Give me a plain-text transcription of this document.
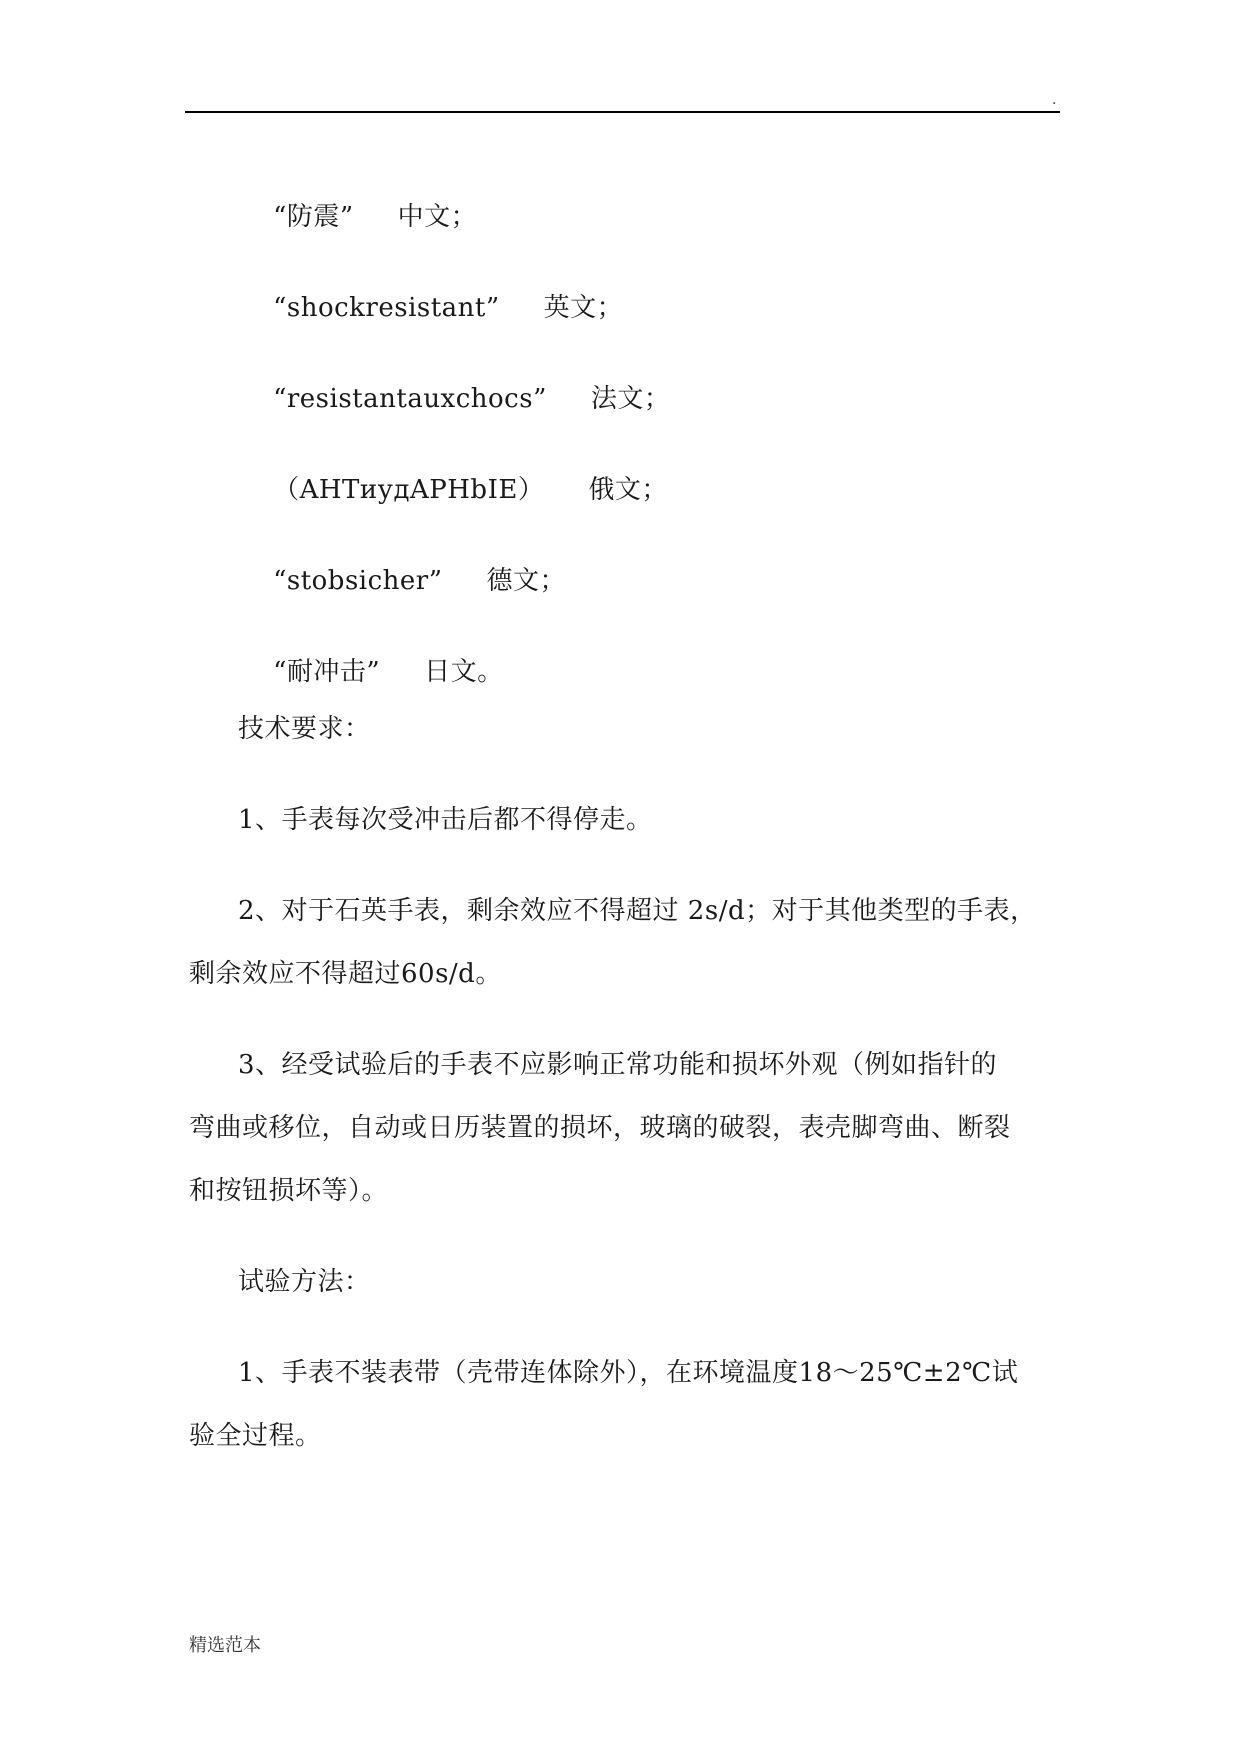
.

“防震” 中文；

“shockresistant” 英文；

“resistantauxchocs” 法文；

（AHTиудAPHbIE） 俄文；

“stobsicher” 德文；

“耐冲击” 日文。

技术要求：
1、手表每次受冲击后都不得停走。
2、对于石英手表，剩余效应不得超过 2s/d；对于其他类型的手表，
剩余效应不得超过60s/d。
3、经受试验后的手表不应影响正常功能和损坏外观（例如指针的
弯曲或移位，自动或日历装置的损坏，玻璃的破裂，表壳脚弯曲、断裂
和按钮损坏等）。
试验方法：
1、手表不装表带（壳带连体除外），在环境温度18～25℃±2℃试
验全过程。
精选范本
